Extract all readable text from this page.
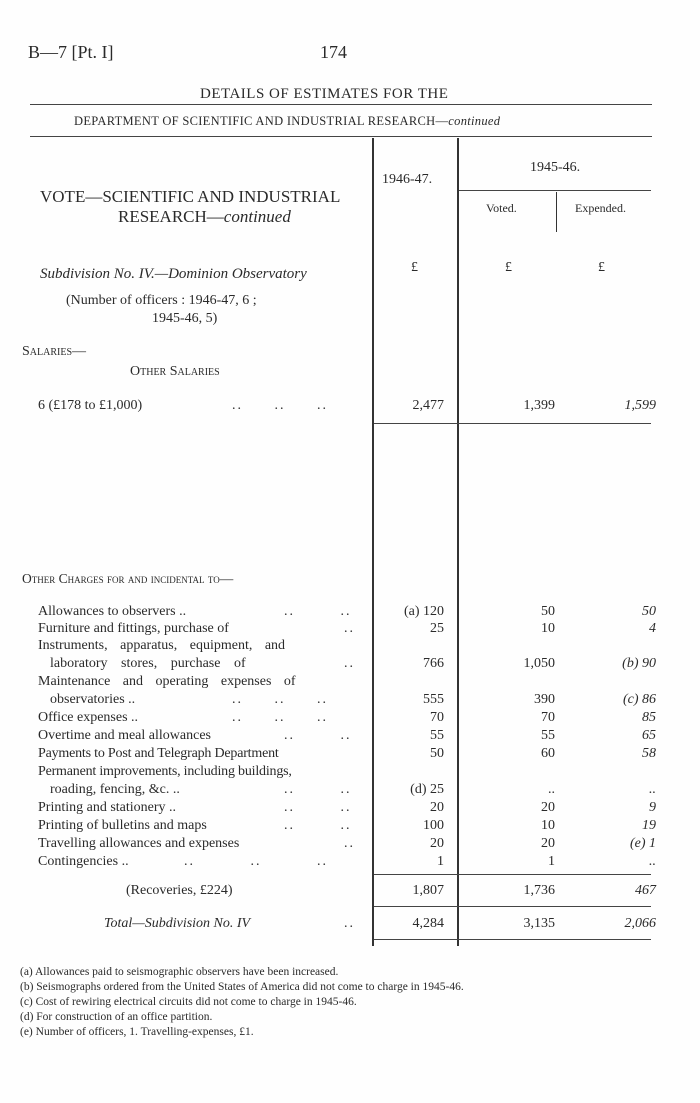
B—7 [Pt. I]	174
DETAILS OF ESTIMATES FOR THE
DEPARTMENT OF SCIENTIFIC AND INDUSTRIAL RESEARCH—continued
1946-47.
1945-46.
Voted.	Expended.
£	£	£
VOTE—SCIENTIFIC AND INDUSTRIAL
RESEARCH—continued
Subdivision No. IV.—Dominion Observatory
(Number of officers : 1946-47, 6 ;
1945-46, 5)
Salaries—
Other Salaries
6 (£178 to £1,000)	.. .. ..	2,477	1,399	1,599
Other Charges for and incidental to—
Allowances to observers ..	.. ..	(a) 120	50	50
Furniture and fittings, purchase of	..	25	10	4
Instruments, apparatus, equipment, and
laboratory stores, purchase of	..	766	1,050	(b) 90
Maintenance and operating expenses of
observatories ..	.. .. ..	555	390	(c) 86
Office expenses ..	.. .. ..	70	70	85
Overtime and meal allowances	.. ..	55	55	65
Payments to Post and Telegraph Department	50	60	58
Permanent improvements, including buildings,
roading, fencing, &c. ..	.. ..	(d) 25	..	..
Printing and stationery ..	.. ..	20	20	9
Printing of bulletins and maps	.. ..	100	10	19
Travelling allowances and expenses	..	20	20	(e) 1
Contingencies ..	.. .. ..	1	1	..
(Recoveries, £224)	1,807	1,736	467
Total—Subdivision No. IV	..	4,284	3,135	2,066
(a) Allowances paid to seismographic observers have been increased.
(b) Seismographs ordered from the United States of America did not come to charge in 1945-46.
(c) Cost of rewiring electrical circuits did not come to charge in 1945-46.
(d) For construction of an office partition.
(e) Number of officers, 1. Travelling-expenses, £1.
